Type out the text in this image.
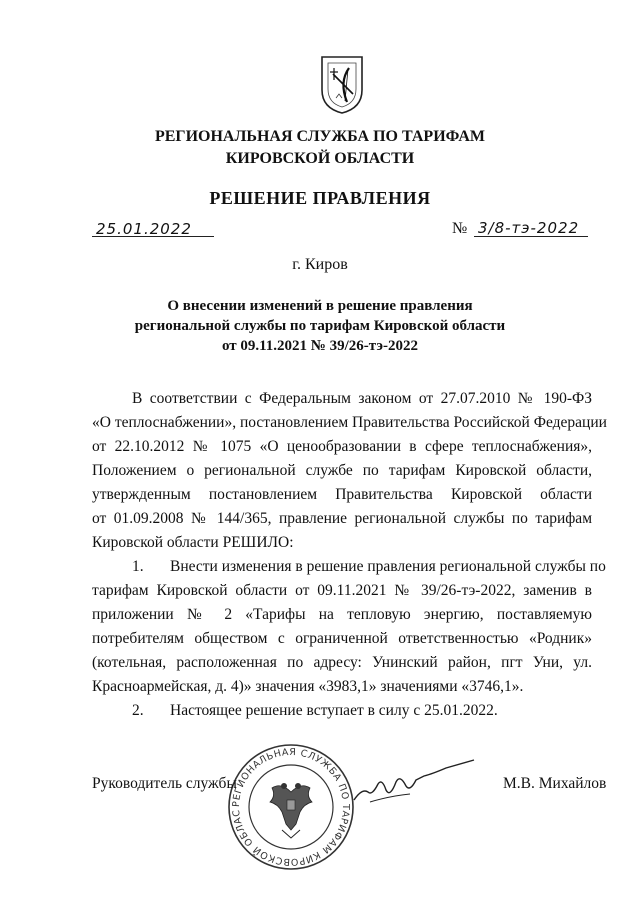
РЕГИОНАЛЬНАЯ СЛУЖБА ПО ТАРИФАМ
КИРОВСКОЙ ОБЛАСТИ
РЕШЕНИЕ ПРАВЛЕНИЯ
25.01.2022	№ 3/8-тэ-2022
г. Киров
О внесении изменений в решение правления
региональной службы по тарифам Кировской области
от 09.11.2021 № 39/26-тэ-2022
В соответствии с Федеральным законом от 27.07.2010 № 190-ФЗ
«О теплоснабжении», постановлением Правительства Российской Федерации
от 22.10.2012 № 1075 «О ценообразовании в сфере теплоснабжения»,
Положением о региональной службе по тарифам Кировской области,
утвержденным постановлением Правительства Кировской области
от 01.09.2008 № 144/365, правление региональной службы по тарифам
Кировской области РЕШИЛО:
1. Внести изменения в решение правления региональной службы по
тарифам Кировской области от 09.11.2021 № 39/26-тэ-2022, заменив в
приложении № 2 «Тарифы на тепловую энергию, поставляемую
потребителям обществом с ограниченной ответственностью «Родник»
(котельная, расположенная по адресу: Унинский район, пгт Уни, ул.
Красноармейская, д. 4)» значения «3983,1» значениями «3746,1».
2. Настоящее решение вступает в силу с 25.01.2022.
РЕГИОНАЛЬНАЯ СЛУЖБА ПО ТАРИФАМ КИРОВСКОЙ ОБЛАС
Руководитель службы	М.В. Михайлов
